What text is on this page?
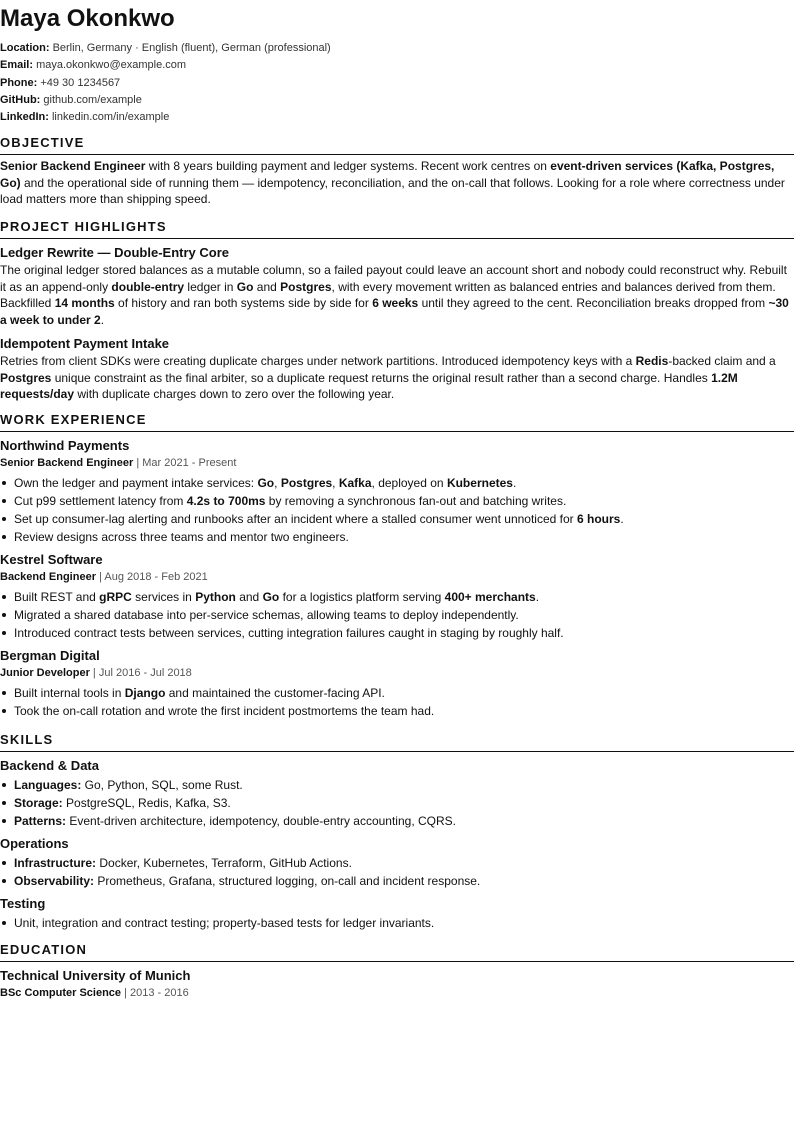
Maya Okonkwo
Location: Berlin, Germany · English (fluent), German (professional)
Email: maya.okonkwo@example.com
Phone: +49 30 1234567
GitHub: github.com/example
LinkedIn: linkedin.com/in/example
OBJECTIVE

Senior Backend Engineer with 8 years building payment and ledger systems. Recent work centres on event-driven services (Kafka, Postgres, Go) and the operational side of running them — idempotency, reconciliation, and the on-call that follows. Looking for a role where correctness under load matters more than shipping speed.

PROJECT HIGHLIGHTS
Ledger Rewrite — Double-Entry Core

The original ledger stored balances as a mutable column, so a failed payout could leave an account short and nobody could reconstruct why. Rebuilt it as an append-only double-entry ledger in Go and Postgres, with every movement written as balanced entries and balances derived from them. Backfilled 14 months of history and ran both systems side by side for 6 weeks until they agreed to the cent. Reconciliation breaks dropped from ~30 a week to under 2.

Idempotent Payment Intake

Retries from client SDKs were creating duplicate charges under network partitions. Introduced idempotency keys with a Redis-backed claim and a Postgres unique constraint as the final arbiter, so a duplicate request returns the original result rather than a second charge. Handles 1.2M requests/day with duplicate charges down to zero over the following year.

WORK EXPERIENCE
Northwind Payments

Senior Backend Engineer | Mar 2021 - Present

Own the ledger and payment intake services: Go, Postgres, Kafka, deployed on Kubernetes.
Cut p99 settlement latency from 4.2s to 700ms by removing a synchronous fan-out and batching writes.
Set up consumer-lag alerting and runbooks after an incident where a stalled consumer went unnoticed for 6 hours.
Review designs across three teams and mentor two engineers.
Kestrel Software

Backend Engineer | Aug 2018 - Feb 2021

Built REST and gRPC services in Python and Go for a logistics platform serving 400+ merchants.
Migrated a shared database into per-service schemas, allowing teams to deploy independently.
Introduced contract tests between services, cutting integration failures caught in staging by roughly half.
Bergman Digital

Junior Developer | Jul 2016 - Jul 2018

Built internal tools in Django and maintained the customer-facing API.
Took the on-call rotation and wrote the first incident postmortems the team had.
SKILLS
Backend & Data
Languages: Go, Python, SQL, some Rust.
Storage: PostgreSQL, Redis, Kafka, S3.
Patterns: Event-driven architecture, idempotency, double-entry accounting, CQRS.
Operations
Infrastructure: Docker, Kubernetes, Terraform, GitHub Actions.
Observability: Prometheus, Grafana, structured logging, on-call and incident response.
Testing
Unit, integration and contract testing; property-based tests for ledger invariants.
EDUCATION
Technical University of Munich

BSc Computer Science | 2013 - 2016
